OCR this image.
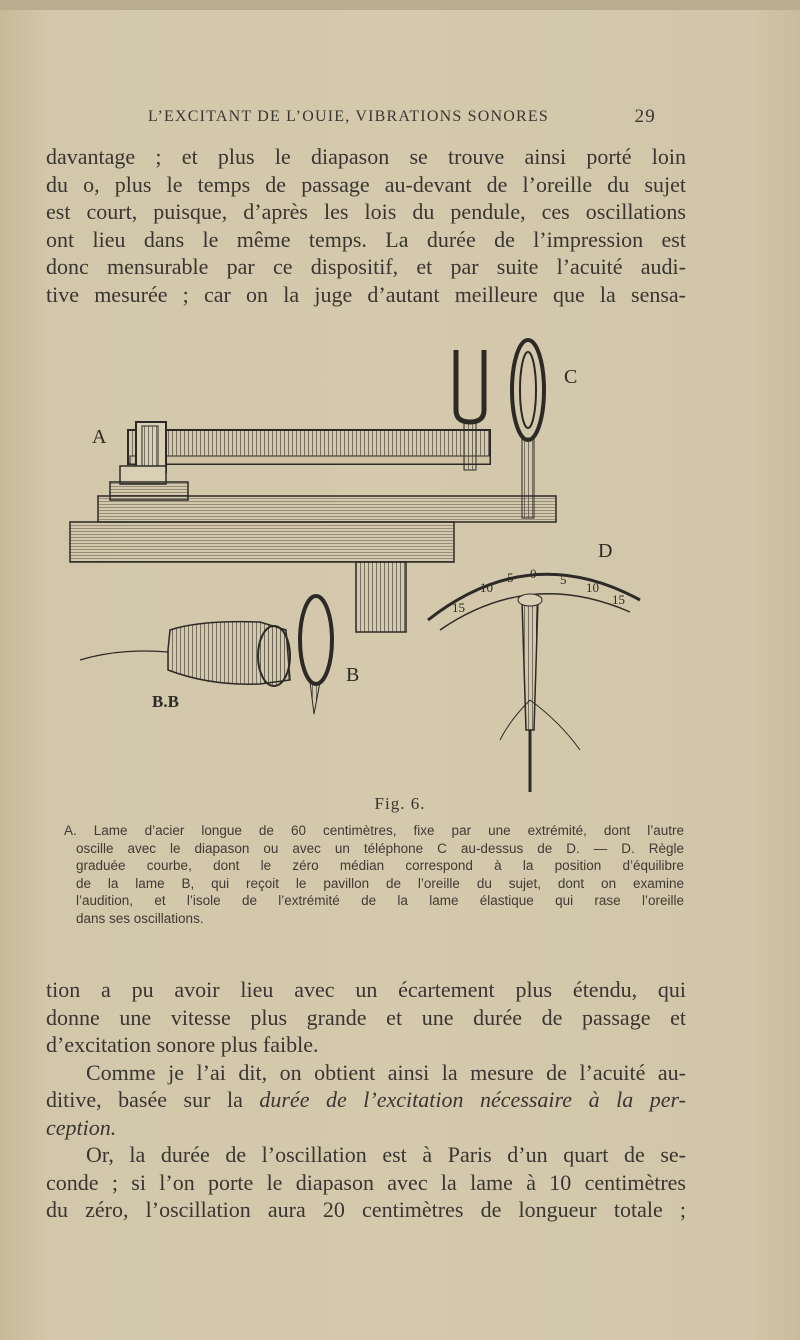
L’EXCITANT DE L’OUIE, VIBRATIONS SONORES	29
davantage ; et plus le diapason se trouve ainsi porté loin
du o, plus le temps de passage au-devant de l’oreille du sujet
est court, puisque, d’après les lois du pendule, ces oscillations
ont lieu dans le même temps. La durée de l’impression est
donc mensurable par ce dispositif, et par suite l’acuité audi-
tive mesurée ; car on la juge d’autant meilleure que la sensa-
15
10
5 0 5
10
15
A
C
D
B
B.B
Fig. 6.
A. Lame d’acier longue de 60 centimètres, fixe par une extrémité, dont l’autre
oscille avec le diapason ou avec un téléphone C au-dessus de D. — D. Règle
graduée courbe, dont le zéro médian correspond à la position d’équilibre
de la lame B, qui reçoit le pavillon de l’oreille du sujet, dont on examine
l’audition, et l’isole de l’extrémité de la lame élastique qui rase l’oreille
dans ses oscillations.
tion a pu avoir lieu avec un écartement plus étendu, qui
donne une vitesse plus grande et une durée de passage et
d’excitation sonore plus faible.
Comme je l’ai dit, on obtient ainsi la mesure de l’acuité au-
ditive, basée sur la durée de l’excitation nécessaire à la per-
ception.
Or, la durée de l’oscillation est à Paris d’un quart de se-
conde ; si l’on porte le diapason avec la lame à 10 centimètres
du zéro, l’oscillation aura 20 centimètres de longueur totale ;
